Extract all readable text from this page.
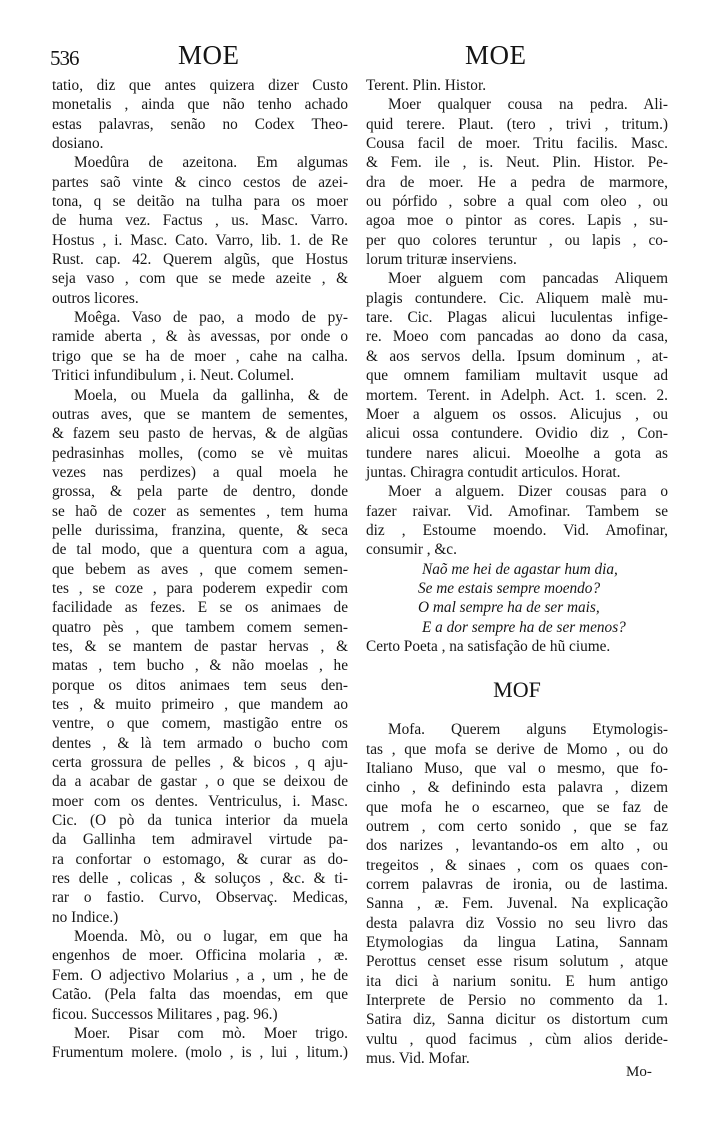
536	MOE	MOE
tatio, diz que antes quizera dizer Custo
monetalis , ainda que não tenho achado
estas palavras, senão no Codex Theo-
dosiano.
Moedûra de azeitona. Em algumas
partes saõ vinte & cinco cestos de azei-
tona, q se deitão na tulha para os moer
de huma vez. Factus , us. Masc. Varro.
Hostus , i. Masc. Cato. Varro, lib. 1. de Re
Rust. cap. 42. Querem algũs, que Hostus
seja vaso , com que se mede azeite , &
outros licores.
Moêga. Vaso de pao, a modo de py-
ramide aberta , & às avessas, por onde o
trigo que se ha de moer , cahe na calha.
Tritici infundibulum , i. Neut. Columel.
Moela, ou Muela da gallinha, & de
outras aves, que se mantem de sementes,
& fazem seu pasto de hervas, & de algũas
pedrasinhas molles, (como se vè muitas
vezes nas perdizes) a qual moela he
grossa, & pela parte de dentro, donde
se haõ de cozer as sementes , tem huma
pelle durissima, franzina, quente, & seca
de tal modo, que a quentura com a agua,
que bebem as aves , que comem semen-
tes , se coze , para poderem expedir com
facilidade as fezes. E se os animaes de
quatro pès , que tambem comem semen-
tes, & se mantem de pastar hervas , &
matas , tem bucho , & não moelas , he
porque os ditos animaes tem seus den-
tes , & muito primeiro , que mandem ao
ventre, o que comem, mastigão entre os
dentes , & là tem armado o bucho com
certa grossura de pelles , & bicos , q aju-
da a acabar de gastar , o que se deixou de
moer com os dentes. Ventriculus, i. Masc.
Cic. (O pò da tunica interior da muela
da Gallinha tem admiravel virtude pa-
ra confortar o estomago, & curar as do-
res delle , colicas , & soluços , &c. & ti-
rar o fastio. Curvo, Observaç. Medicas,
no Indice.)
Moenda. Mò, ou o lugar, em que ha
engenhos de moer. Officina molaria , æ.
Fem. O adjectivo Molarius , a , um , he de
Catão. (Pela falta das moendas, em que
ficou. Successos Militares , pag. 96.)
Moer. Pisar com mò. Moer trigo.
Frumentum molere. (molo , is , lui , litum.)
Terent. Plin. Histor.
Moer qualquer cousa na pedra. Ali-
quid terere. Plaut. (tero , trivi , tritum.)
Cousa facil de moer. Tritu facilis. Masc.
& Fem. ile , is. Neut. Plin. Histor. Pe-
dra de moer. He a pedra de marmore,
ou pórfido , sobre a qual com oleo , ou
agoa moe o pintor as cores. Lapis , su-
per quo colores teruntur , ou lapis , co-
lorum trituræ inserviens.
Moer alguem com pancadas Aliquem
plagis contundere. Cic. Aliquem malè mu-
tare. Cic. Plagas alicui luculentas infige-
re. Moeo com pancadas ao dono da casa,
& aos servos della. Ipsum dominum , at-
que omnem familiam multavit usque ad
mortem. Terent. in Adelph. Act. 1. scen. 2.
Moer a alguem os ossos. Alicujus , ou
alicui ossa contundere. Ovidio diz , Con-
tundere nares alicui. Moeolhe a gota as
juntas. Chiragra contudit articulos. Horat.
Moer a alguem. Dizer cousas para o
fazer raivar. Vid. Amofinar. Tambem se
diz , Estoume moendo. Vid. Amofinar,
consumir , &c.
Naõ me hei de agastar hum dia,
Se me estais sempre moendo?
O mal sempre ha de ser mais,
E a dor sempre ha de ser menos?
Certo Poeta , na satisfação de hũ ciume.
MOF
Mofa. Querem alguns Etymologis-
tas , que mofa se derive de Momo , ou do
Italiano Muso, que val o mesmo, que fo-
cinho , & definindo esta palavra , dizem
que mofa he o escarneo, que se faz de
outrem , com certo sonido , que se faz
dos narizes , levantando-os em alto , ou
tregeitos , & sinaes , com os quaes con-
correm palavras de ironia, ou de lastima.
Sanna , æ. Fem. Juvenal. Na explicação
desta palavra diz Vossio no seu livro das
Etymologias da lingua Latina, Sannam
Perottus censet esse risum solutum , atque
ita dici à narium sonitu. E hum antigo
Interprete de Persio no commento da 1.
Satira diz, Sanna dicitur os distortum cum
vultu , quod facimus , cùm alios deride-
mus. Vid. Mofar.
Mo-
